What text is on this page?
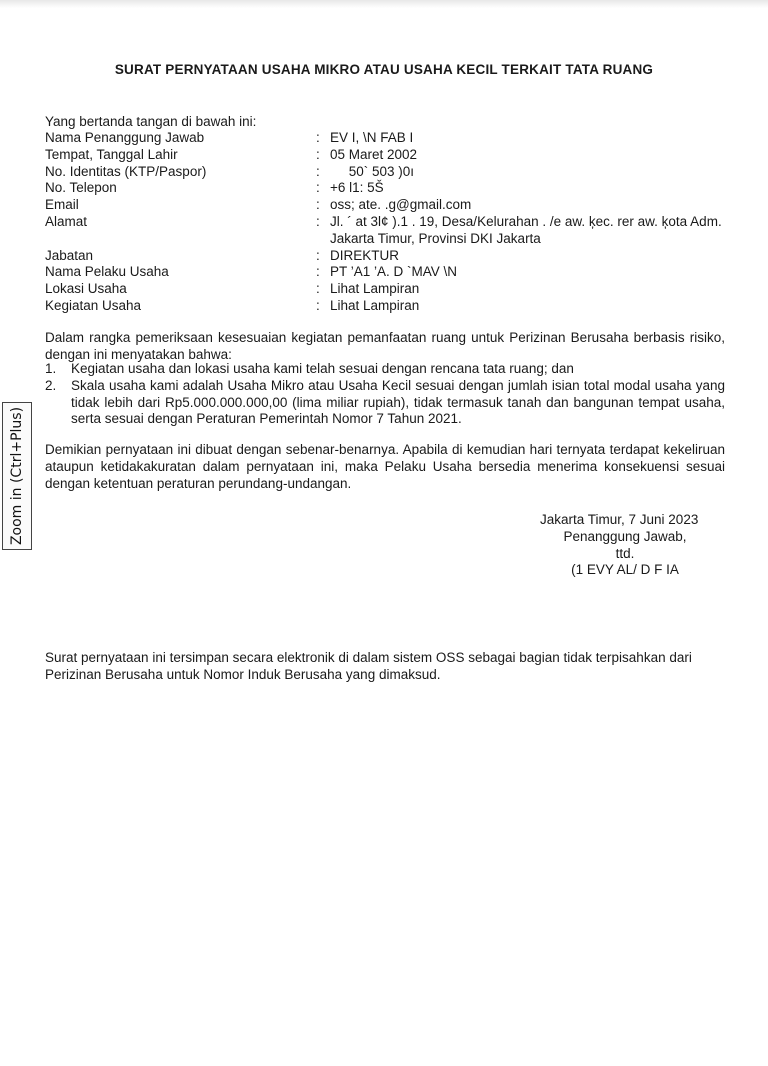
SURAT PERNYATAAN USAHA MIKRO ATAU USAHA KECIL TERKAIT TATA RUANG
Yang bertanda tangan di bawah ini:
Nama Penanggung Jawab	: EV I, \N FAB I
Tempat, Tanggal Lahir	: 05 Maret 2002
No. Identitas (KTP/Paspor)	: 50` 503 )0ı
No. Telepon	: +6 l1: 5Š
Email	: oss; ate. .g@gmail.com
Alamat	: Jl. ´ at 3l¢ ).1 . 19, Desa/Kelurahan . /e aw. ķec. rer aw. ķota Adm. Jakarta Timur, Provinsi DKI Jakarta
Jabatan	: DIREKTUR
Nama Pelaku Usaha	: PT ’A1 ’A. D `MAV \N
Lokasi Usaha	: Lihat Lampiran
Kegiatan Usaha	: Lihat Lampiran
Dalam rangka pemeriksaan kesesuaian kegiatan pemanfaatan ruang untuk Perizinan Berusaha berbasis risiko, dengan ini menyatakan bahwa:
1. Kegiatan usaha dan lokasi usaha kami telah sesuai dengan rencana tata ruang; dan
2. Skala usaha kami adalah Usaha Mikro atau Usaha Kecil sesuai dengan jumlah isian total modal usaha yang tidak lebih dari Rp5.000.000.000,00 (lima miliar rupiah), tidak termasuk tanah dan bangunan tempat usaha, serta sesuai dengan Peraturan Pemerintah Nomor 7 Tahun 2021.
Demikian pernyataan ini dibuat dengan sebenar-benarnya. Apabila di kemudian hari ternyata terdapat kekeliruan ataupun ketidakakuratan dalam pernyataan ini, maka Pelaku Usaha bersedia menerima konsekuensi sesuai dengan ketentuan peraturan perundang-undangan.
Jakarta Timur, 7 Juni 2023
Penanggung Jawab,
ttd.
(1 EVY AL/ D F IA
Surat pernyataan ini tersimpan secara elektronik di dalam sistem OSS sebagai bagian tidak terpisahkan dari Perizinan Berusaha untuk Nomor Induk Berusaha yang dimaksud.
Zoom in (Ctrl+Plus)
